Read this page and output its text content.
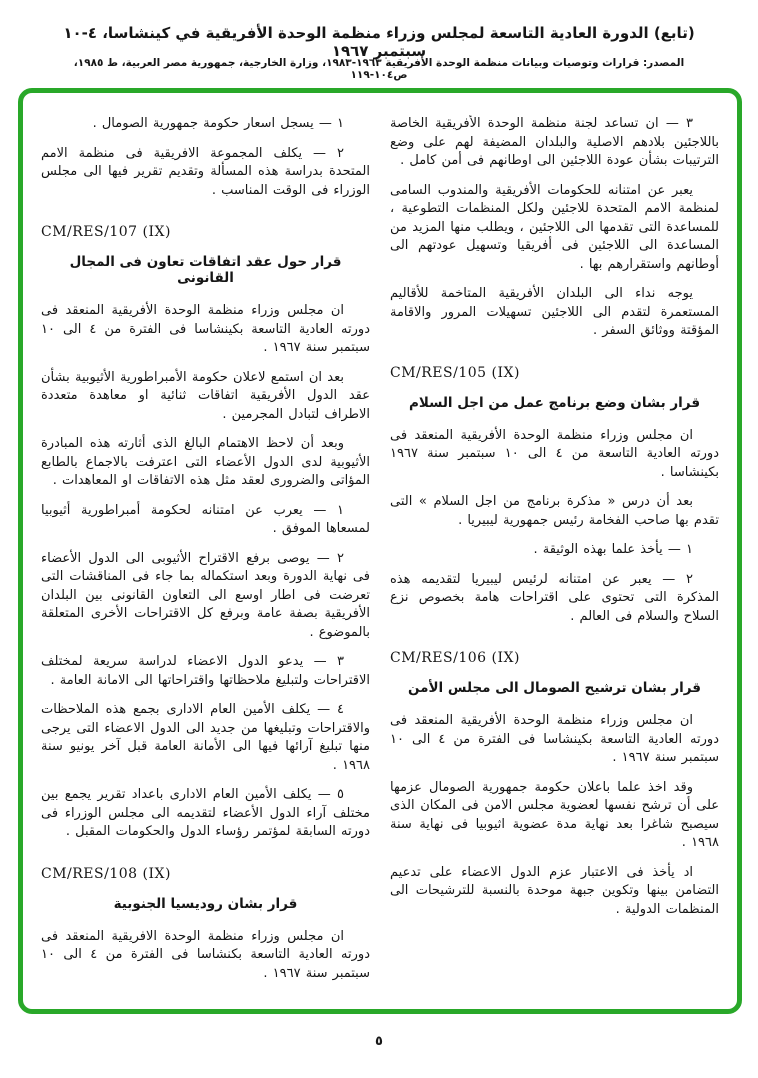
(تابع) الدورة العادية التاسعة لمجلس وزراء منظمة الوحدة الأفريقية في كينشاسا، ٤-١٠ سبتمبر ١٩٦٧
المصدر: قرارات وتوصيات وبيانات منظمة الوحدة الأفريقية ١٩٦٣-١٩٨٣، وزارة الخارجية، جمهورية مصر العربية، ط ١٩٨٥، ص١٠٤-١١٩
٣ — ان تساعد لجنة منظمة الوحدة الأفريقية الخاصة باللاجئين بلادهم الاصلية والبلدان المضيفة لهم على وضع الترتيبات بشأن عودة اللاجئين الى اوطانهم فى أمن كامل .
يعبر عن امتنانه للحكومات الأفريقية والمندوب السامى لمنظمة الامم المتحدة للاجئين ولكل المنظمات التطوعية ، للمساعدة التى تقدمها الى اللاجئين ، ويطلب منها المزيد من المساعدة الى اللاجئين فى أفريقيا وتسهيل عودتهم الى أوطانهم واستقرارهم بها .
يوجه نداء الى البلدان الأفريقية المتاخمة للأقاليم المستعمرة لتقدم الى اللاجئين تسهيلات المرور والاقامة المؤقتة ووثائق السفر .
CM/RES/105 (IX)
قرار بشان وضع برنامج عمل من اجل السلام
ان مجلس وزراء منظمة الوحدة الأفريقية المنعقد فى دورته العادية التاسعة من ٤ الى ١٠ سبتمبر سنة ١٩٦٧ بكينشاسا .
بعد أن درس « مذكرة برنامج من اجل السلام » التى تقدم بها صاحب الفخامة رئيس جمهورية ليبيريا .
١ — يأخذ علما بهذه الوثيقة .
٢ — يعبر عن امتنانه لرئيس ليبيريا لتقديمه هذه المذكرة التى تحتوى على اقتراحات هامة بخصوص نزع السلاح والسلام فى العالم .
CM/RES/106 (IX)
قرار بشان ترشيح الصومال الى مجلس الأمن
ان مجلس وزراء منظمة الوحدة الأفريقية المنعقد فى دورته العادية التاسعة بكينشاسا فى الفترة من ٤ الى ١٠ سبتمبر سنة ١٩٦٧ .
وقد اخذ علما باعلان حكومة جمهورية الصومال عزمها على أن ترشح نفسها لعضوية مجلس الامن فى المكان الذى سيصبح شاغرا بعد نهاية مدة عضوية اثيوبيا فى نهاية سنة ١٩٦٨ .
اد يأخذ فى الاعتبار عزم الدول الاعضاء على تدعيم التضامن بينها وتكوين جبهة موحدة بالنسبة للترشيحات الى المنظمات الدولية .
١ — يسجل اسعار حكومة جمهورية الصومال .
٢ — يكلف المجموعة الافريقية فى منظمة الامم المتحدة بدراسة هذه المسألة وتقديم تقرير فيها الى مجلس الوزراء فى الوقت المناسب .
CM/RES/107 (IX)
قرار حول عقد اتفاقات تعاون فى المجال القانونى
ان مجلس وزراء منظمة الوحدة الأفريقية المنعقد فى دورته العادية التاسعة بكينشاسا فى الفترة من ٤ الى ١٠ سبتمبر سنة ١٩٦٧ .
بعد ان استمع لاعلان حكومة الأمبراطورية الأثيوبية بشأن عقد الدول الأفريقية اتفاقات ثنائية او معاهدة متعددة الاطراف لتبادل المجرمين .
وبعد أن لاحظ الاهتمام البالغ الذى أثارته هذه المبادرة الأثيوبية لدى الدول الأعضاء التى اعترفت بالاجماع بالطابع المؤاتى والضرورى لعقد مثل هذه الاتفاقات او المعاهدات .
١ — يعرب عن امتنانه لحكومة أمبراطورية أثيوبيا لمسعاها الموفق .
٢ — يوصى برفع الاقتراح الأثيوبى الى الدول الأعضاء فى نهاية الدورة وبعد استكماله بما جاء فى المناقشات التى تعرضت فى اطار اوسع الى التعاون القانونى بين البلدان الأفريقية بصفة عامة وبرفع كل الاقتراحات الأخرى المتعلقة بالموضوع .
٣ — يدعو الدول الاعضاء لدراسة سريعة لمختلف الاقتراحات ولتبليغ ملاحظاتها واقتراحاتها الى الامانة العامة .
٤ — يكلف الأمين العام الادارى بجمع هذه الملاحظات والاقتراحات وتبليغها من جديد الى الدول الاعضاء التى يرجى منها تبليغ آرائها فيها الى الأمانة العامة قبل آخر يونيو سنة ١٩٦٨ .
٥ — يكلف الأمين العام الادارى باعداد تقرير يجمع بين مختلف آراء الدول الأعضاء لتقديمه الى مجلس الوزراء فى دورته السابقة لمؤتمر رؤساء الدول والحكومات المقبل .
CM/RES/108 (IX)
قرار بشان روديسيا الجنوبية
ان مجلس وزراء منظمة الوحدة الافريقية المنعقد فى دورته العادية التاسعة بكنشاسا فى الفترة من ٤ الى ١٠ سبتمبر سنة ١٩٦٧ .
٥
